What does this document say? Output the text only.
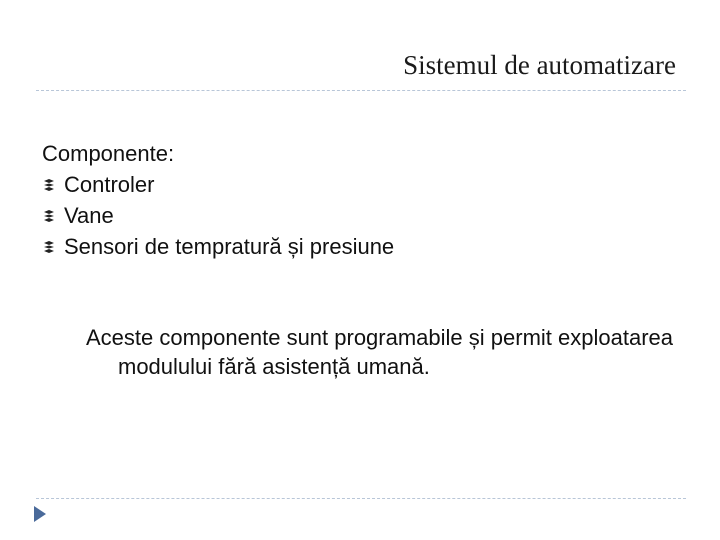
Sistemul de automatizare

Componente:

Controler
Vane
Sensori de tempratură și presiune
Aceste componente sunt programabile și permit exploatarea modulului fără asistență umană.
